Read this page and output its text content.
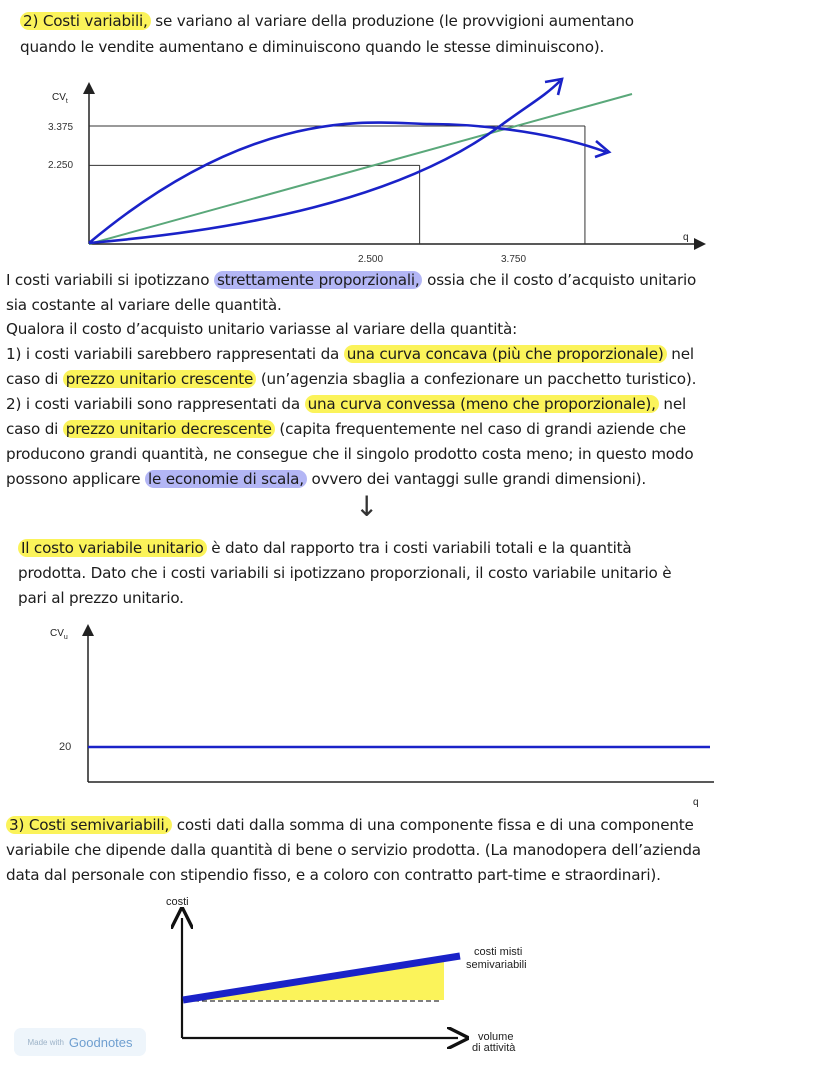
2) Costi variabili, se variano al variare della produzione (le provvigioni aumentano
quando le vendite aumentano e diminuiscono quando le stesse diminuiscono).
$CV_t$
q
3.375
2.250
2.500	3.750
I costi variabili si ipotizzano strettamente proporzionali, ossia che il costo d’acquisto unitario
sia costante al variare delle quantità.
Qualora il costo d’acquisto unitario variasse al variare della quantità:
1) i costi variabili sarebbero rappresentati da una curva concava (più che proporzionale) nel
caso di prezzo unitario crescente (un’agenzia sbaglia a confezionare un pacchetto turistico).
2) i costi variabili sono rappresentati da una curva convessa (meno che proporzionale), nel
caso di prezzo unitario decrescente (capita frequentemente nel caso di grandi aziende che
producono grandi quantità, ne consegue che il singolo prodotto costa meno; in questo modo
possono applicare le economie di scala, ovvero dei vantaggi sulle grandi dimensioni).
↓
Il costo variabile unitario è dato dal rapporto tra i costi variabili totali e la quantità
prodotta. Dato che i costi variabili si ipotizzano proporzionali, il costo variabile unitario è
pari al prezzo unitario.
$CV_u$
20
q
3) Costi semivariabili, costi dati dalla somma di una componente fissa e di una componente
variabile che dipende dalla quantità di bene o servizio prodotta. (La manodopera dell’azienda
data dal personale con stipendio fisso, e a coloro con contratto part-time e straordinari).
costi
costi misti
semivariabili
volume
di attività
Made with Goodnotes
